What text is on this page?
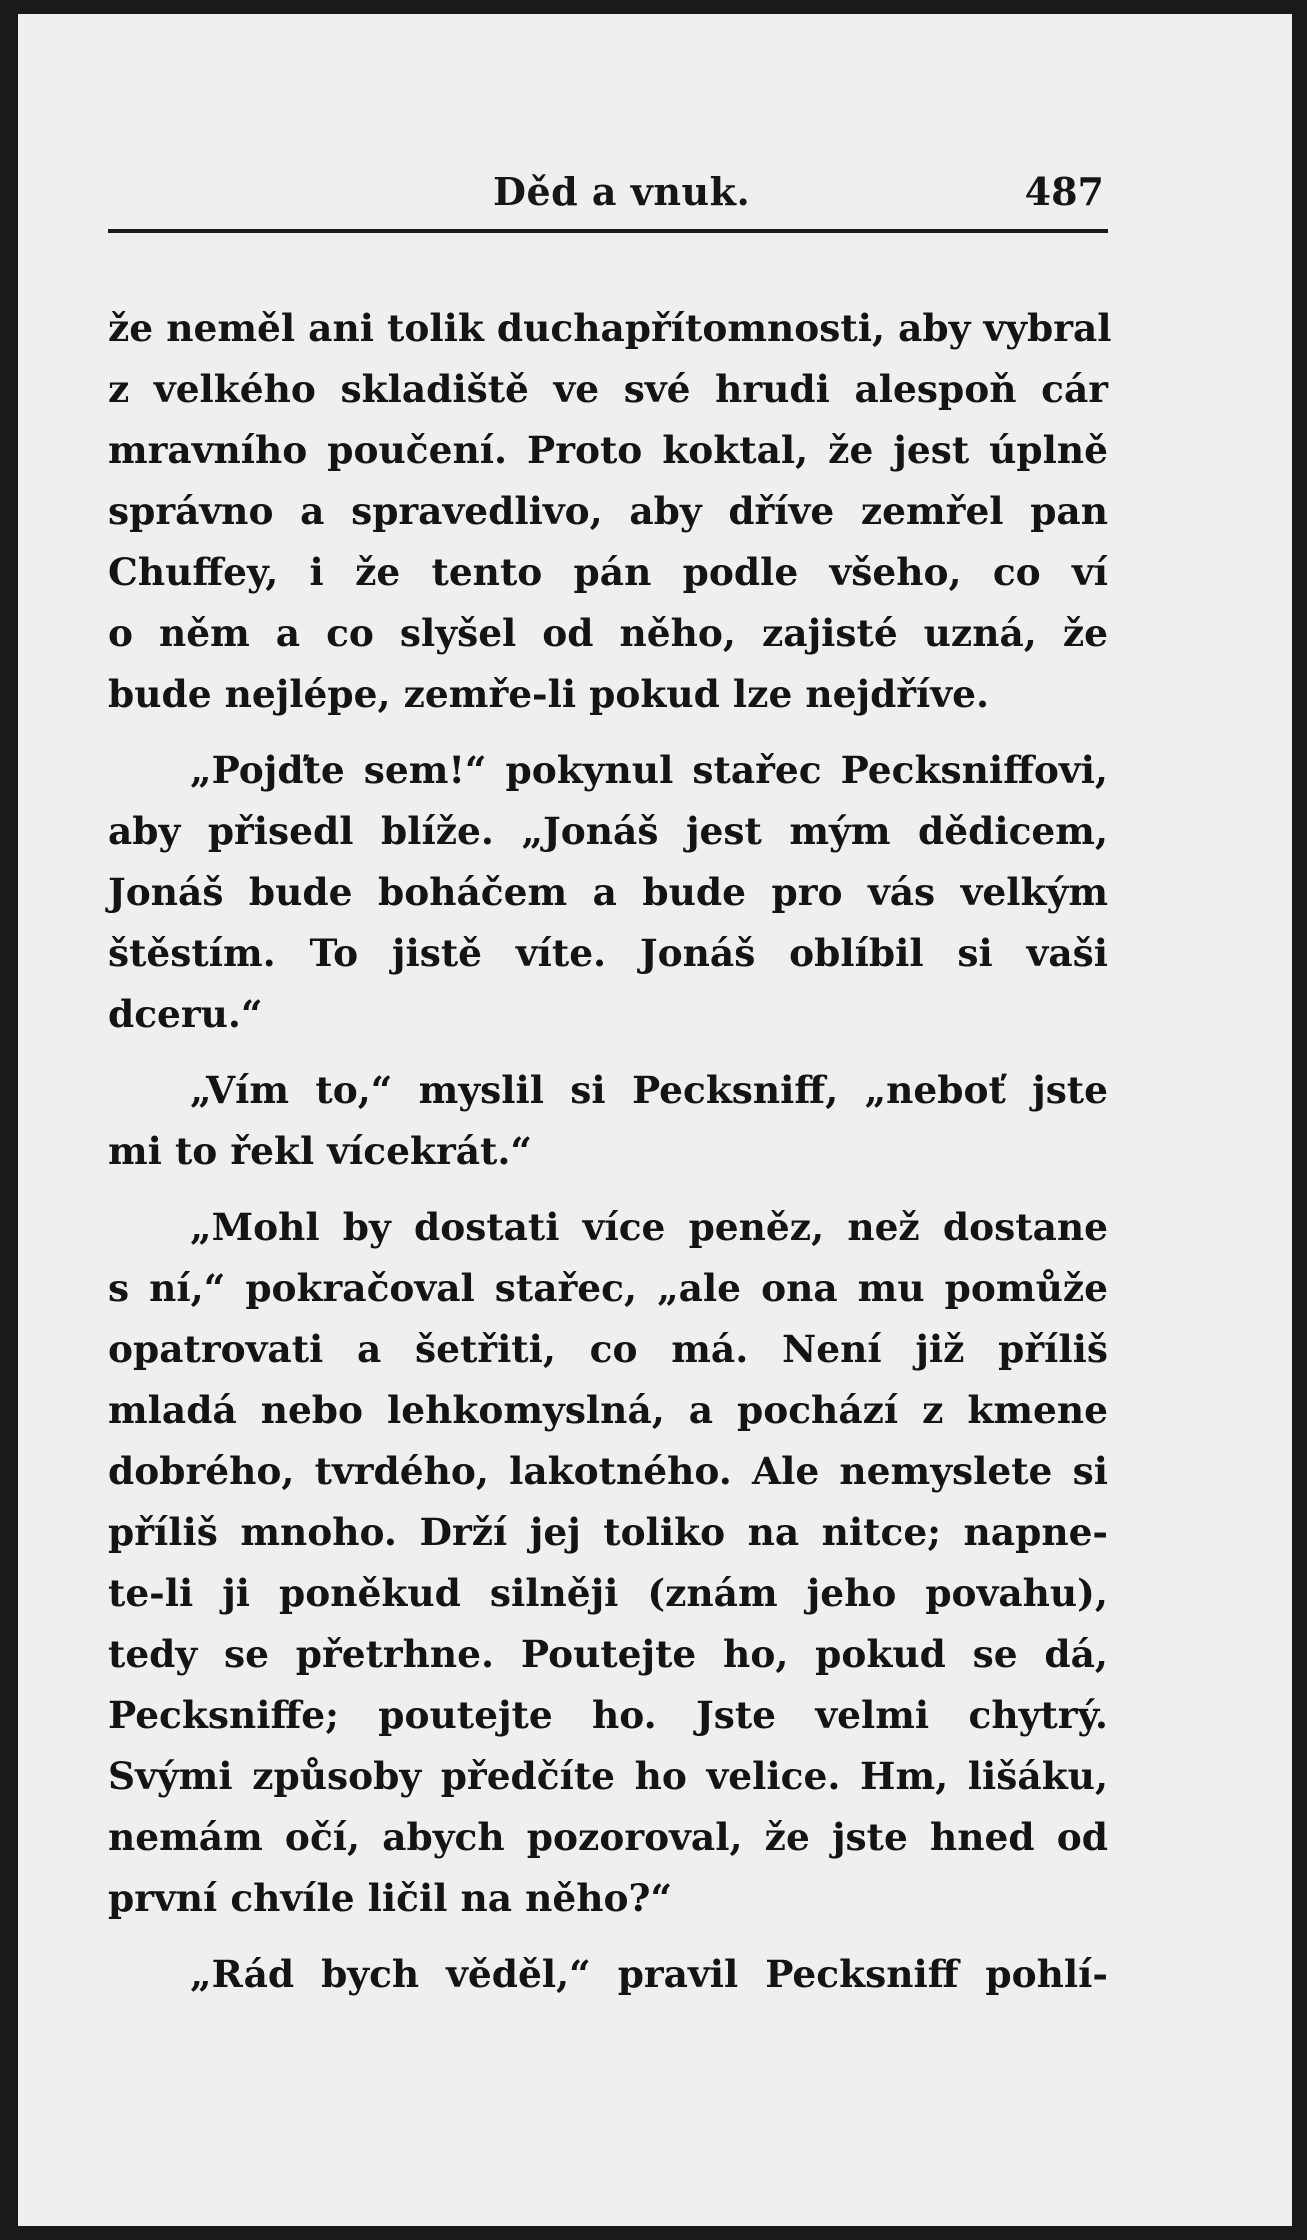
Děd a vnuk.	487
že neměl ani tolik duchapřítomnosti, aby vybral
z velkého skladiště ve své hrudi alespoň cár
mravního poučení. Proto koktal, že jest úplně
správno a spravedlivo, aby dříve zemřel pan
Chuffey, i že tento pán podle všeho, co ví
o něm a co slyšel od něho, zajisté uzná, že
bude nejlépe, zemře-li pokud lze nejdříve.
„Pojďte sem!“ pokynul stařec Pecksniffovi,
aby přisedl blíže. „Jonáš jest mým dědicem,
Jonáš bude boháčem a bude pro vás velkým
štěstím. To jistě víte. Jonáš oblíbil si vaši
dceru.“
„Vím to,“ myslil si Pecksniff, „neboť jste
mi to řekl vícekrát.“
„Mohl by dostati více peněz, než dostane
s ní,“ pokračoval stařec, „ale ona mu pomůže
opatrovati a šetřiti, co má. Není již příliš
mladá nebo lehkomyslná, a pochází z kmene
dobrého, tvrdého, lakotného. Ale nemyslete si
příliš mnoho. Drží jej toliko na nitce; napne-
te-li ji poněkud silněji (znám jeho povahu),
tedy se přetrhne. Poutejte ho, pokud se dá,
Pecksniffe; poutejte ho. Jste velmi chytrý.
Svými způsoby předčíte ho velice. Hm, lišáku,
nemám očí, abych pozoroval, že jste hned od
první chvíle ličil na něho?“
„Rád bych věděl,“ pravil Pecksniff pohlí-
